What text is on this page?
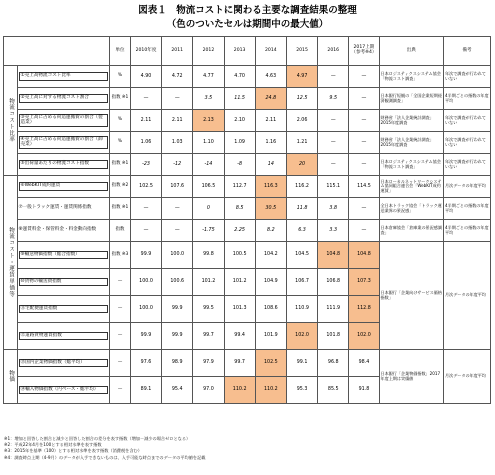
図表１　物流コストに関わる主要な調査結果の整理
（色のついたセルは期間中の最大値）
		単位	2010年度	2011	2012	2013	2014	2015	2016	2017上期（参考※4）	出典	備考

物流コスト比率	①売上高物流コスト比率	%	4.90	4.72	4.77	4.70	4.63	4.97	—	—	日本ロジスティクスシステム協会「物流コスト調査」	年次で調査が行われていない

	②売上高に対する物流コスト割合	指数 ※1	—	—	3.5	11.5	24.8	12.5	9.5	—	日本銀行短観の「全国企業短期経済観測調査」	4半期ごとの指数の年度平均

	③売上高に占める荷造運搬費の割合（製造業）	%	2.11	2.11	2.13	2.10	2.11	2.06	—	—	財務省「法人企業統計調査」2015年度調査	年次で調査が行われていない

	④売上高に占める荷造運搬費の割合（卸売業）	%	1.06	1.03	1.10	1.09	1.16	1.21	—	—	財務省「法人企業統計調査」2015年度調査	年次で調査が行われていない

	⑤出荷量あたりの物流コスト指数	指数 ※1	-23	-12	-14	-8	14	20	—	—	日本ロジスティクスシステム協会「物流コスト調査」	年次で調査が行われていない

物流コスト・運賃単価等	⑥WebKIT成約運賃	指数 ※2	102.5	107.6	106.5	112.7	116.3	116.2	115.1	114.5	日本ローカルネットワークシステム協同組合連合会「WebKIT成約運賃」	月次データの年度平均
	⑦一般トラック運賃・運賃関係指数	指数 ※1	—	—	0	8.5	30.5	11.8	3.8	—	全日本トラック協会「トラック運送業界の景況感」	4半期ごとの指数の年度平均
	⑧運賃料金・保管料金・料金動向指数	指数	—	—	-1.75	2.25	8.2	6.3	3.3	—	日本倉庫協会「倉庫業の景況感調査」	4半期ごとの指数の年度平均

	⑨輸送物価指数（総合指数）	指数 ※3	99.9	100.0	99.8	100.5	104.2	104.5	104.8	104.8	日本銀行「企業向けサービス価格指数」	月次データの年度平均

	⑩貨物の輸送費指数	—	100.0	100.6	101.2	101.2	104.9	106.7	106.8	107.3		

	⑪宅配便運賃指数	—	100.0	99.9	99.5	101.3	108.6	110.9	111.9	112.8		

	⑫道路貨物運賃指数	—	99.9	99.9	99.7	99.4	101.9	102.0	101.8	102.0		

物価	⑬国内企業物価指数（総平均）	—	97.6	98.9	97.9	99.7	102.5	99.1	96.8	98.4	日本銀行「企業物価指数」2017年度上期は実績値	月次データの年度平均

	⑭輸入物価指数（円ベース・総平均）	—	89.1	95.4	97.0	110.2	110.2	95.3	85.5	91.8		
※1：増加と回答した割合と減少と回答した割合の差分を表す指数（増加－減少の場合ゼロとなる）
※2：平成22年4月を100とする相対水準を表す指数
※3：2015年を基準（100）とする相対水準を表す指数（消費税を含む）
※4：調査時点上期（4-9月）のデータが入手できないものは、入手可能な時点までのデータの平均値を記載
